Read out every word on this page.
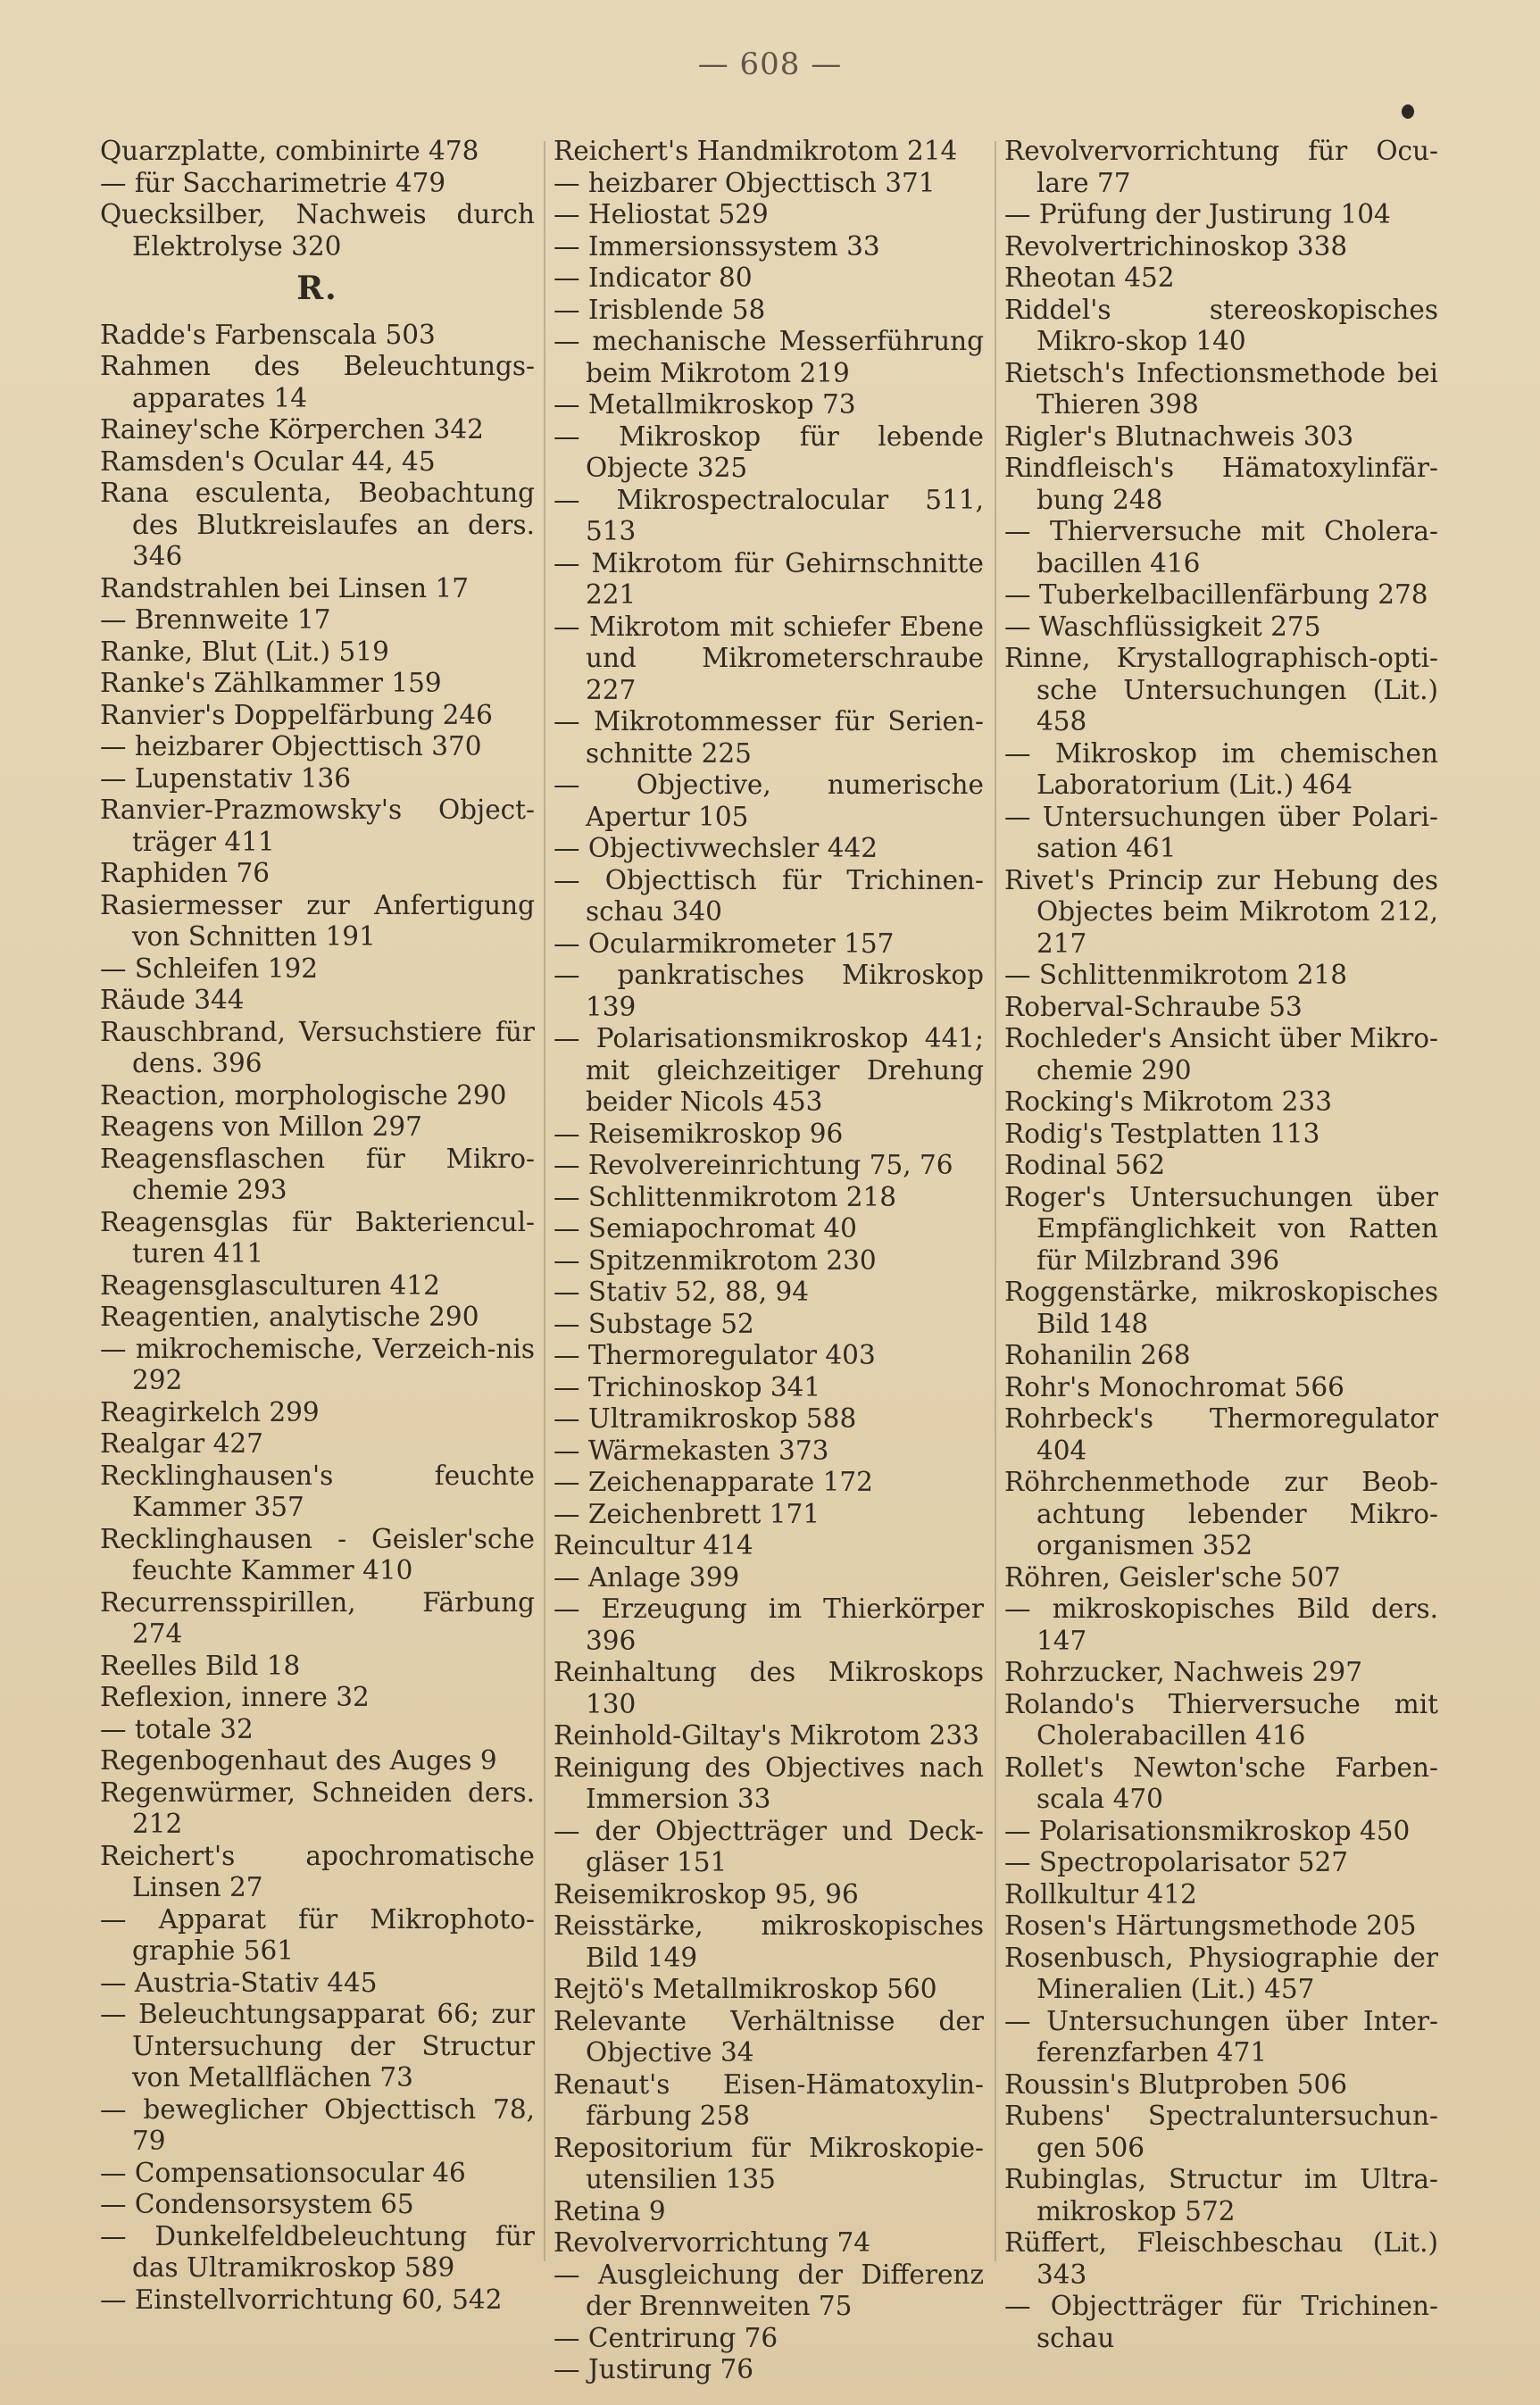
— 608 —

Quarzplatte, combinirte 478

— für Saccharimetrie 479

Quecksilber, Nachweis durch Elektrolyse 320

R.

Radde's Farbenscala 503

Rahmen des Beleuchtungs-apparates 14

Rainey'sche Körperchen 342

Ramsden's Ocular 44, 45

Rana esculenta, Beobachtung des Blutkreislaufes an ders. 346

Randstrahlen bei Linsen 17

— Brennweite 17

Ranke, Blut (Lit.) 519

Ranke's Zählkammer 159

Ranvier's Doppelfärbung 246

— heizbarer Objecttisch 370

— Lupenstativ 136

Ranvier-Prazmowsky's Object-träger 411

Raphiden 76

Rasiermesser zur Anfertigung von Schnitten 191

— Schleifen 192

Räude 344

Rauschbrand, Versuchstiere für dens. 396

Reaction, morphologische 290

Reagens von Millon 297

Reagensflaschen für Mikro-chemie 293

Reagensglas für Bakteriencul-turen 411

Reagensglasculturen 412

Reagentien, analytische 290

— mikrochemische, Verzeich-nis 292

Reagirkelch 299

Realgar 427

Recklinghausen's feuchte Kammer 357

Recklinghausen - Geisler'sche feuchte Kammer 410

Recurrensspirillen, Färbung 274

Reelles Bild 18

Reflexion, innere 32

— totale 32

Regenbogenhaut des Auges 9

Regenwürmer, Schneiden ders. 212

Reichert's apochromatische Linsen 27

— Apparat für Mikrophoto-graphie 561

— Austria-Stativ 445

— Beleuchtungsapparat 66; zur Untersuchung der Structur von Metallflächen 73

— beweglicher Objecttisch 78, 79

— Compensationsocular 46

— Condensorsystem 65

— Dunkelfeldbeleuchtung für das Ultramikroskop 589

— Einstellvorrichtung 60, 542

Reichert's Handmikrotom 214

— heizbarer Objecttisch 371

— Heliostat 529

— Immersionssystem 33

— Indicator 80

— Irisblende 58

— mechanische Messerführung beim Mikrotom 219

— Metallmikroskop 73

— Mikroskop für lebende Objecte 325

— Mikrospectralocular 511, 513

— Mikrotom für Gehirnschnitte 221

— Mikrotom mit schiefer Ebene und Mikrometerschraube 227

— Mikrotommesser für Serien-schnitte 225

— Objective, numerische Apertur 105

— Objectivwechsler 442

— Objecttisch für Trichinen-schau 340

— Ocularmikrometer 157

— pankratisches Mikroskop 139

— Polarisationsmikroskop 441; mit gleichzeitiger Drehung beider Nicols 453

— Reisemikroskop 96

— Revolvereinrichtung 75, 76

— Schlittenmikrotom 218

— Semiapochromat 40

— Spitzenmikrotom 230

— Stativ 52, 88, 94

— Substage 52

— Thermoregulator 403

— Trichinoskop 341

— Ultramikroskop 588

— Wärmekasten 373

— Zeichenapparate 172

— Zeichenbrett 171

Reincultur 414

— Anlage 399

— Erzeugung im Thierkörper 396

Reinhaltung des Mikroskops 130

Reinhold-Giltay's Mikrotom 233

Reinigung des Objectives nach Immersion 33

— der Objectträger und Deck-gläser 151

Reisemikroskop 95, 96

Reisstärke, mikroskopisches Bild 149

Rejtö's Metallmikroskop 560

Relevante Verhältnisse der Objective 34

Renaut's Eisen-Hämatoxylin-färbung 258

Repositorium für Mikroskopie-utensilien 135

Retina 9

Revolvervorrichtung 74

— Ausgleichung der Differenz der Brennweiten 75

— Centrirung 76

— Justirung 76

Revolvervorrichtung für Ocu-lare 77

— Prüfung der Justirung 104

Revolvertrichinoskop 338

Rheotan 452

Riddel's stereoskopisches Mikro-skop 140

Rietsch's Infectionsmethode bei Thieren 398

Rigler's Blutnachweis 303

Rindfleisch's Hämatoxylinfär-bung 248

— Thierversuche mit Cholera-bacillen 416

— Tuberkelbacillenfärbung 278

— Waschflüssigkeit 275

Rinne, Krystallographisch-opti-sche Untersuchungen (Lit.) 458

— Mikroskop im chemischen Laboratorium (Lit.) 464

— Untersuchungen über Polari-sation 461

Rivet's Princip zur Hebung des Objectes beim Mikrotom 212, 217

— Schlittenmikrotom 218

Roberval-Schraube 53

Rochleder's Ansicht über Mikro-chemie 290

Rocking's Mikrotom 233

Rodig's Testplatten 113

Rodinal 562

Roger's Untersuchungen über Empfänglichkeit von Ratten für Milzbrand 396

Roggenstärke, mikroskopisches Bild 148

Rohanilin 268

Rohr's Monochromat 566

Rohrbeck's Thermoregulator 404

Röhrchenmethode zur Beob-achtung lebender Mikro-organismen 352

Röhren, Geisler'sche 507

— mikroskopisches Bild ders. 147

Rohrzucker, Nachweis 297

Rolando's Thierversuche mit Cholerabacillen 416

Rollet's Newton'sche Farben-scala 470

— Polarisationsmikroskop 450

— Spectropolarisator 527

Rollkultur 412

Rosen's Härtungsmethode 205

Rosenbusch, Physiographie der Mineralien (Lit.) 457

— Untersuchungen über Inter-ferenzfarben 471

Roussin's Blutproben 506

Rubens' Spectraluntersuchun-gen 506

Rubinglas, Structur im Ultra-mikroskop 572

Rüffert, Fleischbeschau (Lit.) 343

— Objectträger für Trichinen-schau
